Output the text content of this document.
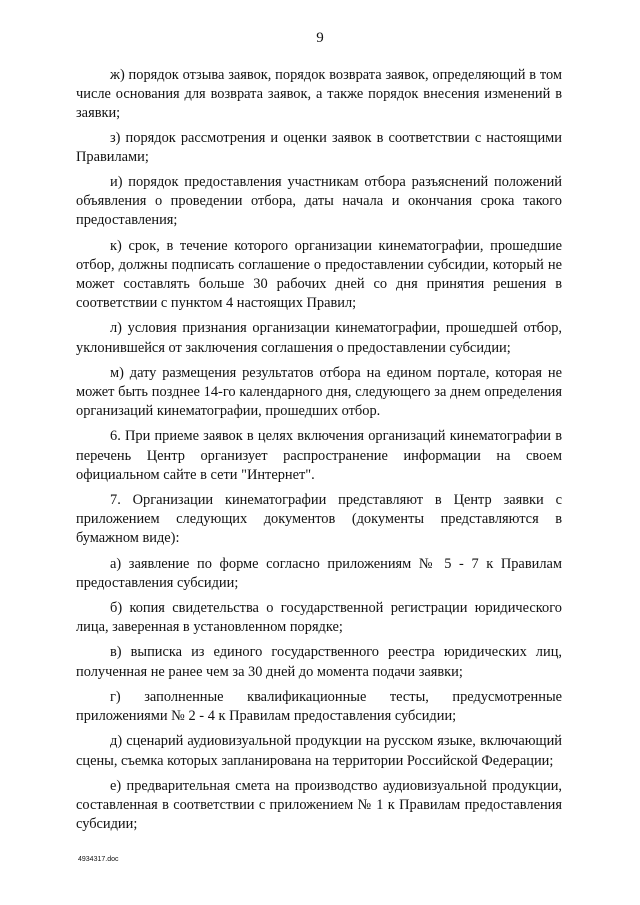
9

ж) порядок отзыва заявок, порядок возврата заявок, определяющий в том числе основания для возврата заявок, а также порядок внесения изменений в заявки;

з) порядок рассмотрения и оценки заявок в соответствии с настоящими Правилами;

и) порядок предоставления участникам отбора разъяснений положений объявления о проведении отбора, даты начала и окончания срока такого предоставления;

к) срок, в течение которого организации кинематографии, прошедшие отбор, должны подписать соглашение о предоставлении субсидии, который не может составлять больше 30 рабочих дней со дня принятия решения в соответствии с пунктом 4 настоящих Правил;

л) условия признания организации кинематографии, прошедшей отбор, уклонившейся от заключения соглашения о предоставлении субсидии;

м) дату размещения результатов отбора на едином портале, которая не может быть позднее 14-го календарного дня, следующего за днем определения организаций кинематографии, прошедших отбор.

6. При приеме заявок в целях включения организаций кинематографии в перечень Центр организует распространение информации на своем официальном сайте в сети "Интернет".

7. Организации кинематографии представляют в Центр заявки с приложением следующих документов (документы представляются в бумажном виде):

а) заявление по форме согласно приложениям № 5 - 7 к Правилам предоставления субсидии;

б) копия свидетельства о государственной регистрации юридического лица, заверенная в установленном порядке;

в) выписка из единого государственного реестра юридических лиц, полученная не ранее чем за 30 дней до момента подачи заявки;

г) заполненные квалификационные тесты, предусмотренные приложениями № 2 - 4 к Правилам предоставления субсидии;

д) сценарий аудиовизуальной продукции на русском языке, включающий сцены, съемка которых запланирована на территории Российской Федерации;

е) предварительная смета на производство аудиовизуальной продукции, составленная в соответствии с приложением № 1 к Правилам предоставления субсидии;

4934317.doc
